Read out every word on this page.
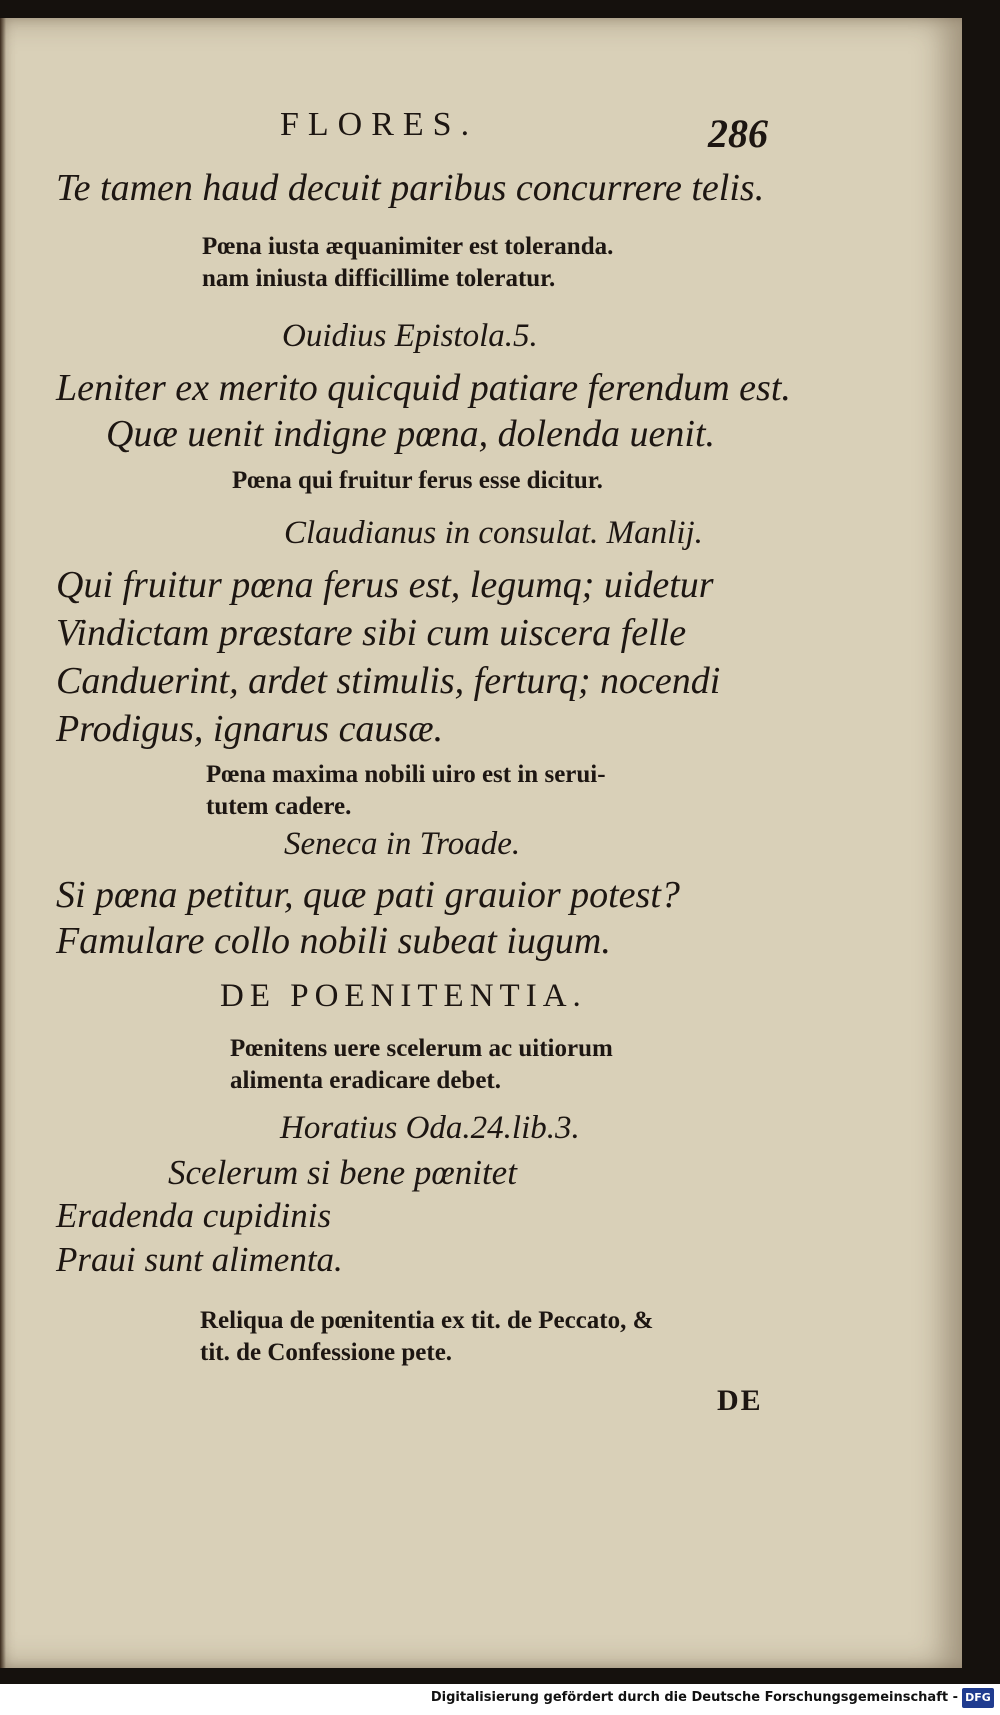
FLORES.	286
Te tamen haud decuit paribus concurrere telis.
Pœna iusta æquanimiter est toleranda.
nam iniusta difficillime toleratur.
Ouidius Epistola.5.
Leniter ex merito quicquid patiare ferendum est.
Quæ uenit indigne pœna, dolenda uenit.
Pœna qui fruitur ferus esse dicitur.
Claudianus in consulat. Manlij.
Qui fruitur pœna ferus est, legumq; uidetur
Vindictam præstare sibi cum uiscera felle
Canduerint, ardet stimulis, ferturq; nocendi
Prodigus, ignarus causæ.
Pœna maxima nobili uiro est in serui-
tutem cadere.
Seneca in Troade.
Si pœna petitur, quæ pati grauior potest?
Famulare collo nobili subeat iugum.
DE POENITENTIA.
Pœnitens uere scelerum ac uitiorum
alimenta eradicare debet.
Horatius Oda.24.lib.3.
Scelerum si bene pœnitet
Eradenda cupidinis
Praui sunt alimenta.
Reliqua de pœnitentia ex tit. de Peccato, &
tit. de Confessione pete.
DE
Digitalisierung gefördert durch die Deutsche Forschungsgemeinschaft - DFG
